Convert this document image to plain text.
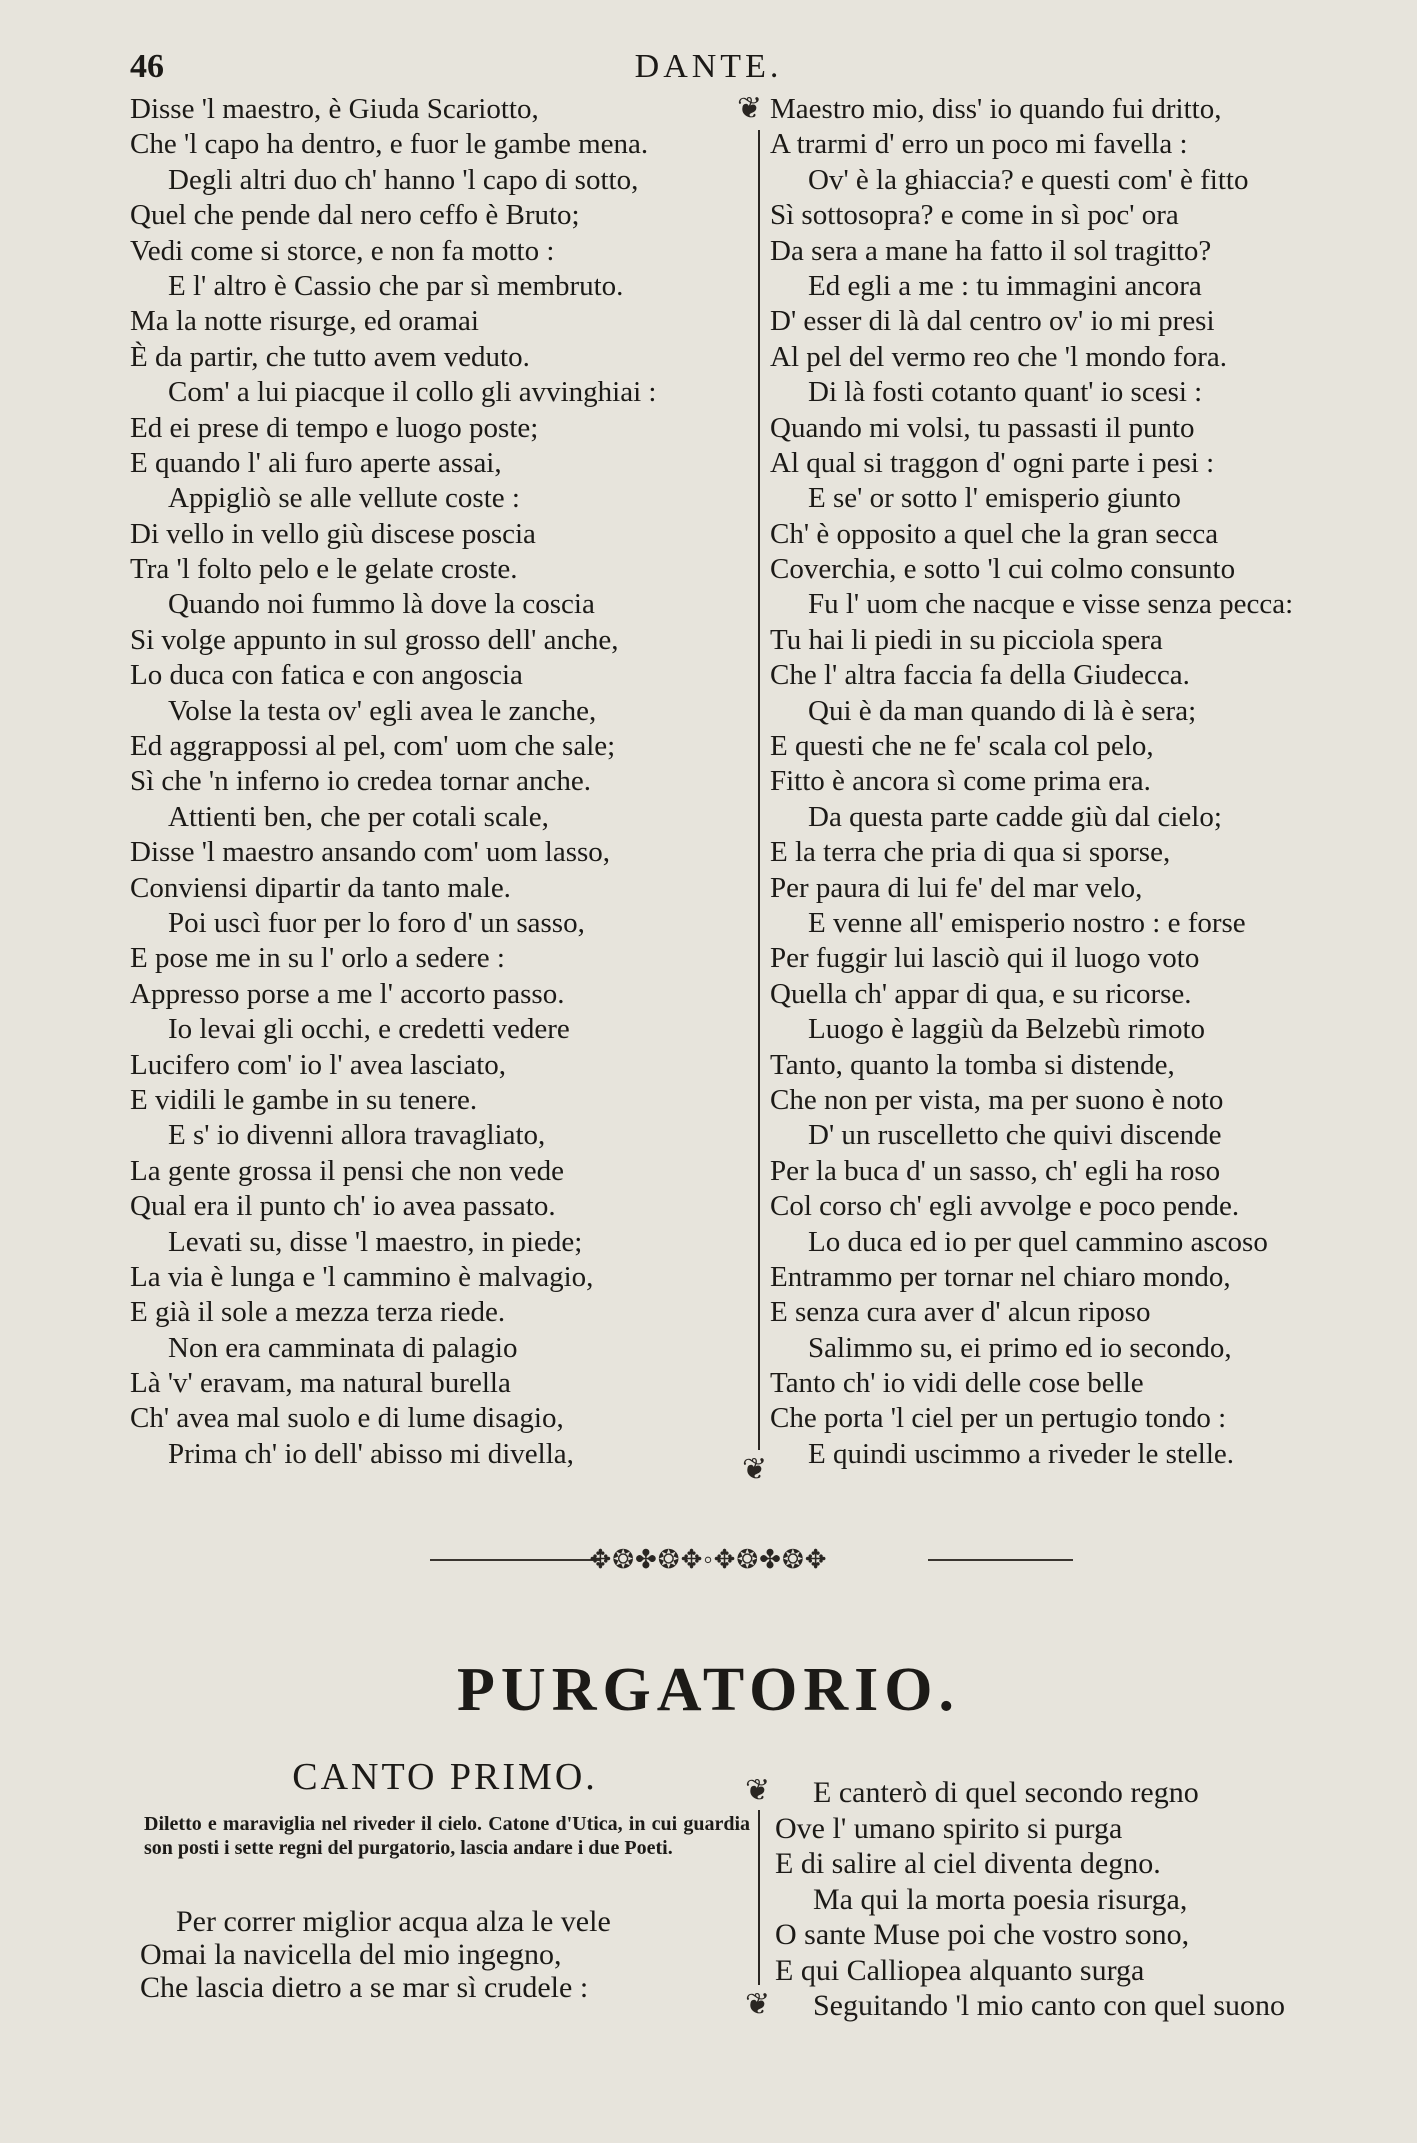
46	DANTE.
Disse 'l maestro, è Giuda Scariotto,
Che 'l capo ha dentro, e fuor le gambe mena.
Degli altri duo ch' hanno 'l capo di sotto,
Quel che pende dal nero ceffo è Bruto;
Vedi come si storce, e non fa motto :
E l' altro è Cassio che par sì membruto.
Ma la notte risurge, ed oramai
È da partir, che tutto avem veduto.
Com' a lui piacque il collo gli avvinghiai :
Ed ei prese di tempo e luogo poste;
E quando l' ali furo aperte assai,
Appigliò se alle vellute coste :
Di vello in vello giù discese poscia
Tra 'l folto pelo e le gelate croste.
Quando noi fummo là dove la coscia
Si volge appunto in sul grosso dell' anche,
Lo duca con fatica e con angoscia
Volse la testa ov' egli avea le zanche,
Ed aggrappossi al pel, com' uom che sale;
Sì che 'n inferno io credea tornar anche.
Attienti ben, che per cotali scale,
Disse 'l maestro ansando com' uom lasso,
Conviensi dipartir da tanto male.
Poi uscì fuor per lo foro d' un sasso,
E pose me in su l' orlo a sedere :
Appresso porse a me l' accorto passo.
Io levai gli occhi, e credetti vedere
Lucifero com' io l' avea lasciato,
E vidili le gambe in su tenere.
E s' io divenni allora travagliato,
La gente grossa il pensi che non vede
Qual era il punto ch' io avea passato.
Levati su, disse 'l maestro, in piede;
La via è lunga e 'l cammino è malvagio,
E già il sole a mezza terza riede.
Non era camminata di palagio
Là 'v' eravam, ma natural burella
Ch' avea mal suolo e di lume disagio,
Prima ch' io dell' abisso mi divella,
❦
❦
Maestro mio, diss' io quando fui dritto,
A trarmi d' erro un poco mi favella :
Ov' è la ghiaccia? e questi com' è fitto
Sì sottosopra? e come in sì poc' ora
Da sera a mane ha fatto il sol tragitto?
Ed egli a me : tu immagini ancora
D' esser di là dal centro ov' io mi presi
Al pel del vermo reo che 'l mondo fora.
Di là fosti cotanto quant' io scesi :
Quando mi volsi, tu passasti il punto
Al qual si traggon d' ogni parte i pesi :
E se' or sotto l' emisperio giunto
Ch' è opposito a quel che la gran secca
Coverchia, e sotto 'l cui colmo consunto
Fu l' uom che nacque e visse senza pecca:
Tu hai li piedi in su picciola spera
Che l' altra faccia fa della Giudecca.
Qui è da man quando di là è sera;
E questi che ne fe' scala col pelo,
Fitto è ancora sì come prima era.
Da questa parte cadde giù dal cielo;
E la terra che pria di qua si sporse,
Per paura di lui fe' del mar velo,
E venne all' emisperio nostro : e forse
Per fuggir lui lasciò qui il luogo voto
Quella ch' appar di qua, e su ricorse.
Luogo è laggiù da Belzebù rimoto
Tanto, quanto la tomba si distende,
Che non per vista, ma per suono è noto
D' un ruscelletto che quivi discende
Per la buca d' un sasso, ch' egli ha roso
Col corso ch' egli avvolge e poco pende.
Lo duca ed io per quel cammino ascoso
Entrammo per tornar nel chiaro mondo,
E senza cura aver d' alcun riposo
Salimmo su, ei primo ed io secondo,
Tanto ch' io vidi delle cose belle
Che porta 'l ciel per un pertugio tondo :
E quindi uscimmo a riveder le stelle.
✥❂✤❂✥◦✥❂✤❂✥
PURGATORIO.
CANTO PRIMO.
Diletto e maraviglia nel riveder il cielo. Catone d'Utica, in cui guardia son posti i sette regni del purgatorio, lascia andare i due Poeti.
Per correr miglior acqua alza le vele
Omai la navicella del mio ingegno,
Che lascia dietro a se mar sì crudele :
❦
❦
E canterò di quel secondo regno
Ove l' umano spirito si purga
E di salire al ciel diventa degno.
Ma qui la morta poesia risurga,
O sante Muse poi che vostro sono,
E qui Calliopea alquanto surga
Seguitando 'l mio canto con quel suono
